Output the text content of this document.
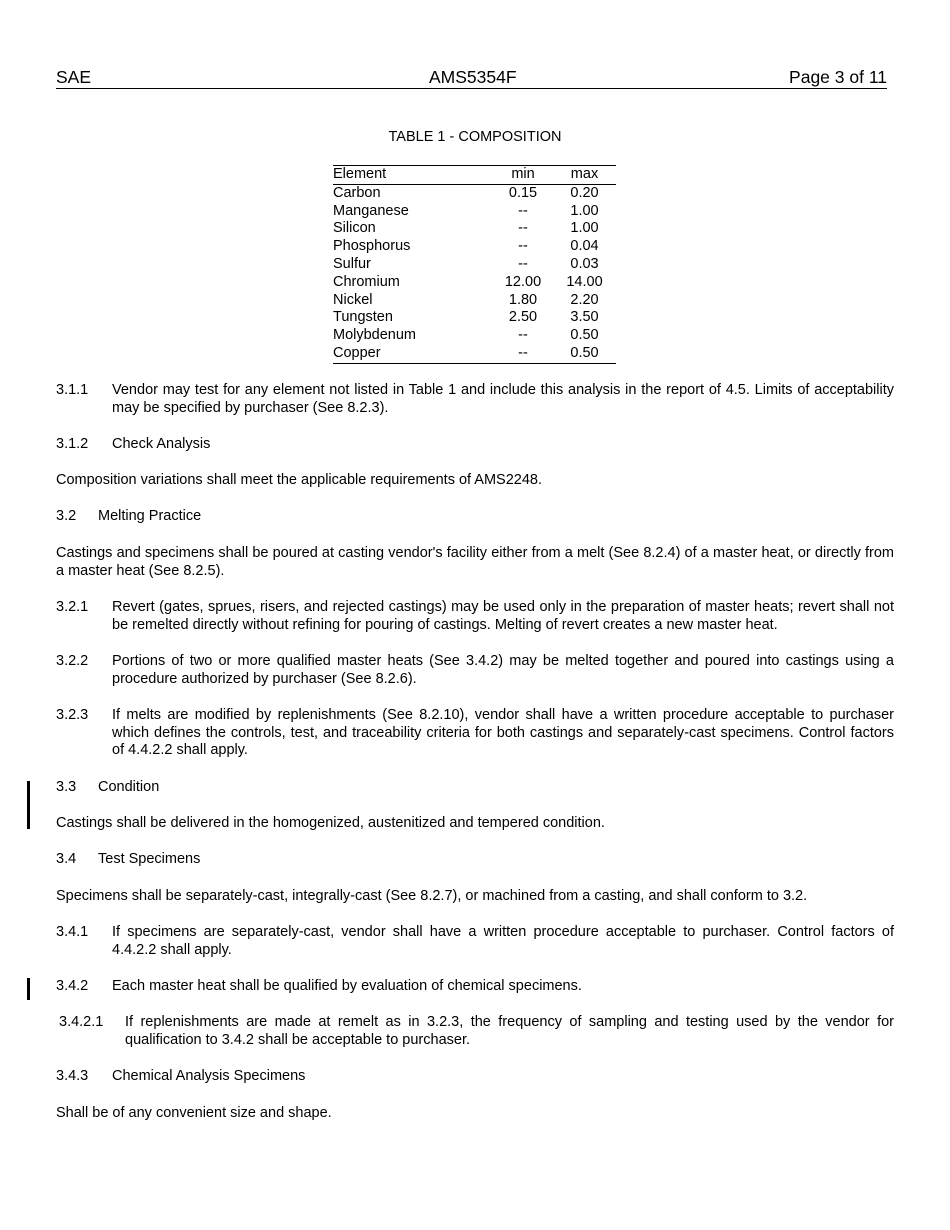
SAE	AMS5354F	Page 3 of 11
TABLE 1 - COMPOSITION
Element	min	max
Carbon	0.15	0.20
Manganese	--	1.00
Silicon	--	1.00
Phosphorus	--	0.04
Sulfur	--	0.03
Chromium	12.00	14.00
Nickel	1.80	2.20
Tungsten	2.50	3.50
Molybdenum	--	0.50
Copper	--	0.50
3.1.1 Vendor may test for any element not listed in Table 1 and include this analysis in the report of 4.5. Limits of acceptability may be specified by purchaser (See 8.2.3).
3.1.2 Check Analysis
Composition variations shall meet the applicable requirements of AMS2248.
3.2 Melting Practice
Castings and specimens shall be poured at casting vendor's facility either from a melt (See 8.2.4) of a master heat, or directly from a master heat (See 8.2.5).
3.2.1 Revert (gates, sprues, risers, and rejected castings) may be used only in the preparation of master heats; revert shall not be remelted directly without refining for pouring of castings. Melting of revert creates a new master heat.
3.2.2 Portions of two or more qualified master heats (See 3.4.2) may be melted together and poured into castings using a procedure authorized by purchaser (See 8.2.6).
3.2.3 If melts are modified by replenishments (See 8.2.10), vendor shall have a written procedure acceptable to purchaser which defines the controls, test, and traceability criteria for both castings and separately-cast specimens. Control factors of 4.4.2.2 shall apply.
3.3 Condition
Castings shall be delivered in the homogenized, austenitized and tempered condition.
3.4 Test Specimens
Specimens shall be separately-cast, integrally-cast (See 8.2.7), or machined from a casting, and shall conform to 3.2.
3.4.1 If specimens are separately-cast, vendor shall have a written procedure acceptable to purchaser. Control factors of 4.4.2.2 shall apply.
3.4.2 Each master heat shall be qualified by evaluation of chemical specimens.
3.4.2.1 If replenishments are made at remelt as in 3.2.3, the frequency of sampling and testing used by the vendor for qualification to 3.4.2 shall be acceptable to purchaser.
3.4.3 Chemical Analysis Specimens
Shall be of any convenient size and shape.
